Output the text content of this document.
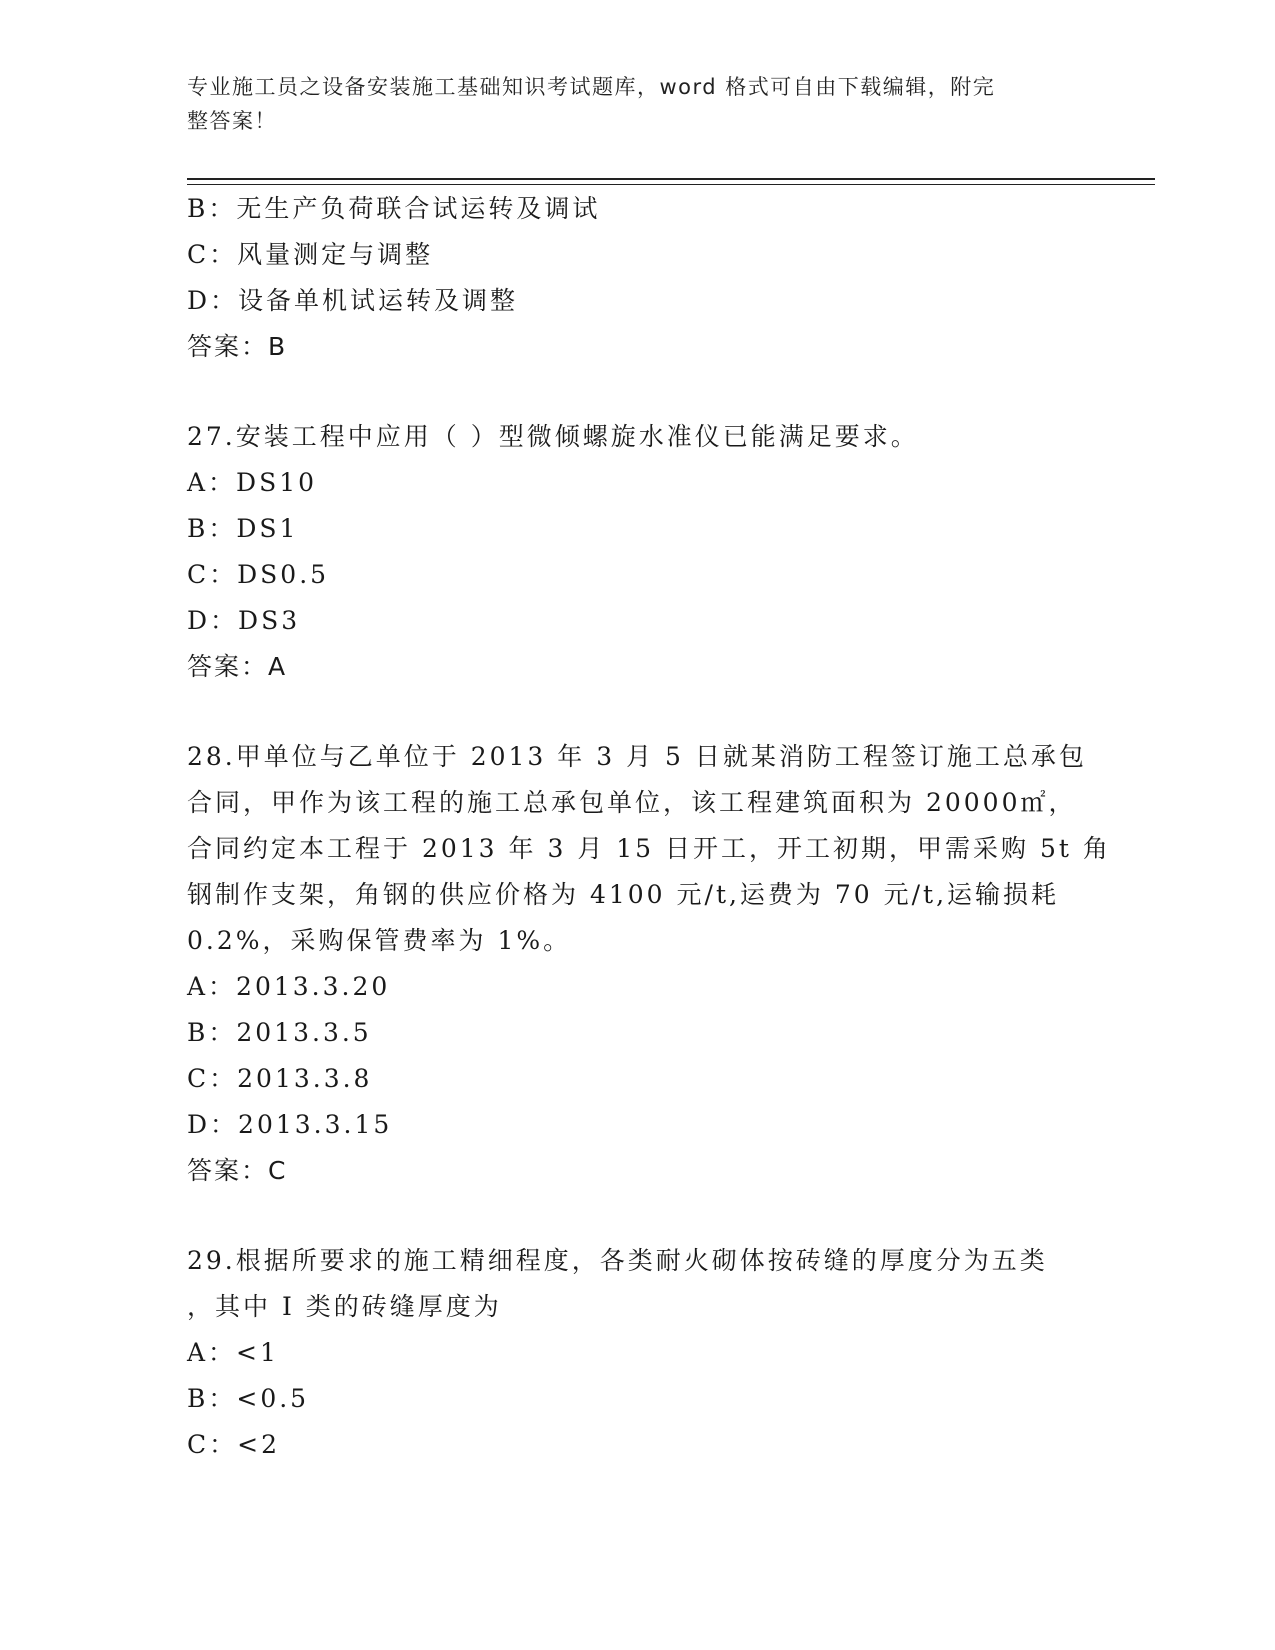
专业施工员之设备安装施工基础知识考试题库，word 格式可自由下载编辑，附完
整答案！

B：无生产负荷联合试运转及调试

C：风量测定与调整

D：设备单机试运转及调整

答案：B

27.安装工程中应用（ ）型微倾螺旋水准仪已能满足要求。

A：DS10

B：DS1

C：DS0.5

D：DS3

答案：A

28.甲单位与乙单位于 2013 年 3 月 5 日就某消防工程签订施工总承包

合同，甲作为该工程的施工总承包单位，该工程建筑面积为 20000㎡，

合同约定本工程于 2013 年 3 月 15 日开工，开工初期，甲需采购 5t 角

钢制作支架，角钢的供应价格为 4100 元/t,运费为 70 元/t,运输损耗

0.2%，采购保管费率为 1%。

A：2013.3.20

B：2013.3.5

C：2013.3.8

D：2013.3.15

答案：C

29.根据所要求的施工精细程度，各类耐火砌体按砖缝的厚度分为五类

，其中 I 类的砖缝厚度为

A：<1

B：<0.5

C：<2
